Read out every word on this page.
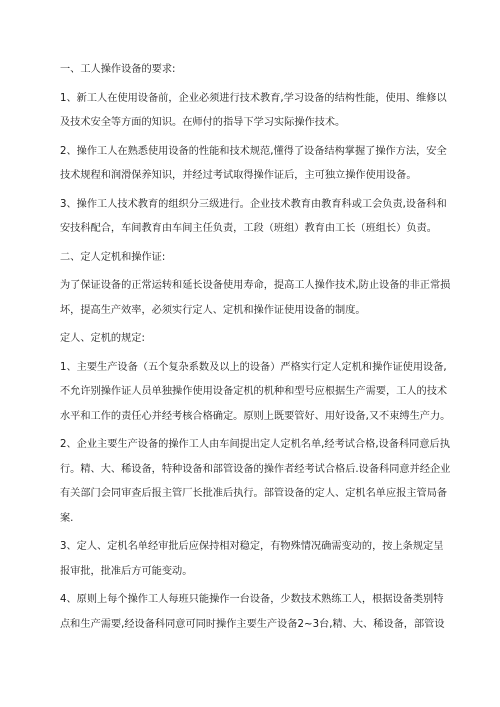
一、工人操作设备的要求:

1、新工人在使用设备前，企业必须进行技术教育,学习设备的结构性能，使用、维修以

及技术安全等方面的知识。在师付的指导下学习实际操作技术。

2、操作工人在熟悉使用设备的性能和技术规范,懂得了设备结构掌握了操作方法，安全

技术规程和润滑保养知识，并经过考试取得操作证后，主可独立操作使用设备。

3、操作工人技术教育的组织分三级进行。企业技术教育由教育科或工会负责,设备科和

安技科配合，车间教育由车间主任负责，工段（班组）教育由工长（班组长）负责。

二、定人定机和操作证:

为了保证设备的正常运转和延长设备使用寿命，提高工人操作技术,防止设备的非正常损

坏，提高生产效率，必须实行定人、定机和操作证使用设备的制度。

定人、定机的规定:

1、主要生产设备（五个复杂系数及以上的设备）严格实行定人定机和操作证使用设备,

不允许别操作证人员单独操作使用设备定机的机种和型号应根据生产需要，工人的技术

水平和工作的责任心并经考核合格确定。原则上既要管好、用好设备,又不束缚生产力。

2、企业主要生产设备的操作工人由车间提出定人定机名单,经考试合格,设备科同意后执

行。精、大、稀设备，特种设备和部管设备的操作者经考试合格后.设备科同意并经企业

有关部门会同审查后报主管厂长批准后执行。部管设备的定人、定机名单应报主管局备

案.

3、定人、定机名单经审批后应保持相对稳定，有物殊情况确需变动的，按上条规定呈

报审批，批准后方可能变动。

4、原则上每个操作工人每班只能操作一台设备，少数技术熟练工人，根据设备类别特

点和生产需要,经设备科同意可同时操作主要生产设备2~3台,精、大、稀设备，部管设
